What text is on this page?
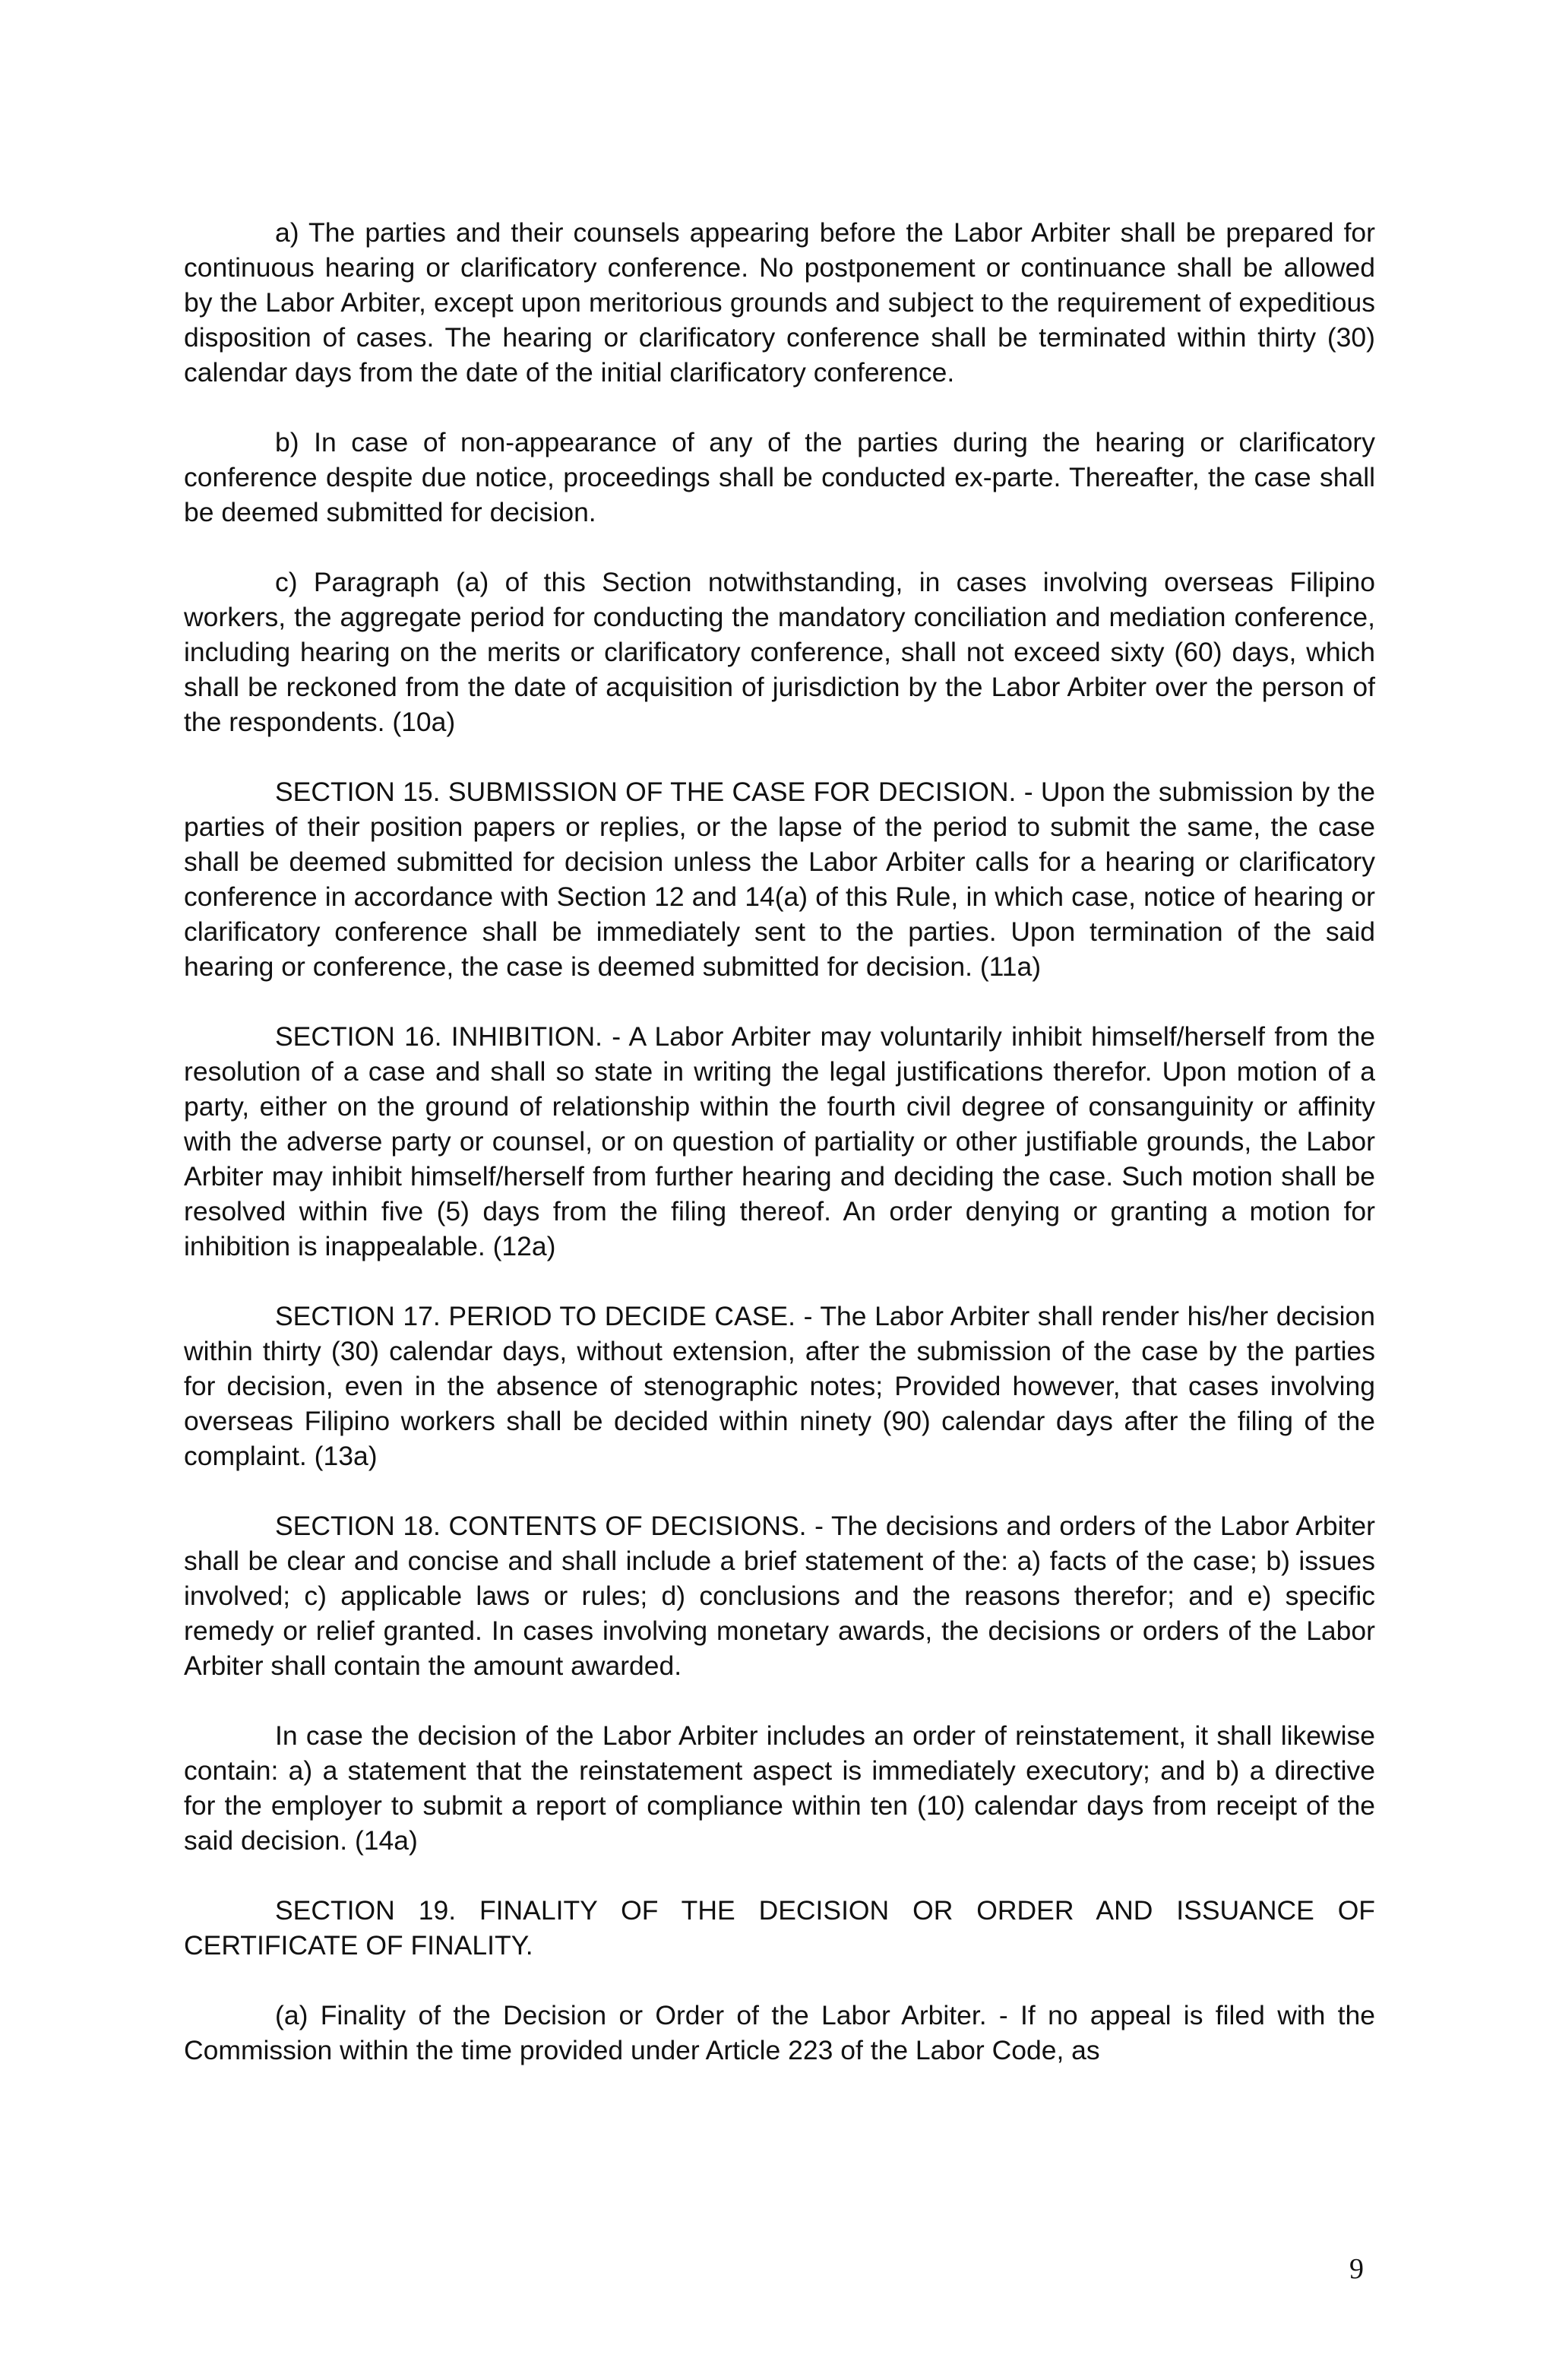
a) The parties and their counsels appearing before the Labor Arbiter shall be prepared for continuous hearing or clarificatory conference. No postponement or continuance shall be allowed by the Labor Arbiter, except upon meritorious grounds and subject to the requirement of expeditious disposition of cases. The hearing or clarificatory conference shall be terminated within thirty (30) calendar days from the date of the initial clarificatory conference.

b) In case of non-appearance of any of the parties during the hearing or clarificatory conference despite due notice, proceedings shall be conducted ex-parte. Thereafter, the case shall be deemed submitted for decision.

c) Paragraph (a) of this Section notwithstanding, in cases involving overseas Filipino workers, the aggregate period for conducting the mandatory conciliation and mediation conference, including hearing on the merits or clarificatory conference, shall not exceed sixty (60) days, which shall be reckoned from the date of acquisition of jurisdiction by the Labor Arbiter over the person of the respondents. (10a)

SECTION 15. SUBMISSION OF THE CASE FOR DECISION. - Upon the submission by the parties of their position papers or replies, or the lapse of the period to submit the same, the case shall be deemed submitted for decision unless the Labor Arbiter calls for a hearing or clarificatory conference in accordance with Section 12 and 14(a) of this Rule, in which case, notice of hearing or clarificatory conference shall be immediately sent to the parties. Upon termination of the said hearing or conference, the case is deemed submitted for decision. (11a)

SECTION 16. INHIBITION. - A Labor Arbiter may voluntarily inhibit himself/herself from the resolution of a case and shall so state in writing the legal justifications therefor. Upon motion of a party, either on the ground of relationship within the fourth civil degree of consanguinity or affinity with the adverse party or counsel, or on question of partiality or other justifiable grounds, the Labor Arbiter may inhibit himself/herself from further hearing and deciding the case. Such motion shall be resolved within five (5) days from the filing thereof. An order denying or granting a motion for inhibition is inappealable. (12a)

SECTION 17. PERIOD TO DECIDE CASE. - The Labor Arbiter shall render his/her decision within thirty (30) calendar days, without extension, after the submission of the case by the parties for decision, even in the absence of stenographic notes; Provided however, that cases involving overseas Filipino workers shall be decided within ninety (90) calendar days after the filing of the complaint. (13a)

SECTION 18. CONTENTS OF DECISIONS. - The decisions and orders of the Labor Arbiter shall be clear and concise and shall include a brief statement of the: a) facts of the case; b) issues involved; c) applicable laws or rules; d) conclusions and the reasons therefor; and e) specific remedy or relief granted. In cases involving monetary awards, the decisions or orders of the Labor Arbiter shall contain the amount awarded.

In case the decision of the Labor Arbiter includes an order of reinstatement, it shall likewise contain: a) a statement that the reinstatement aspect is immediately executory; and b) a directive for the employer to submit a report of compliance within ten (10) calendar days from receipt of the said decision. (14a)

SECTION 19. FINALITY OF THE DECISION OR ORDER AND ISSUANCE OF CERTIFICATE OF FINALITY.

(a) Finality of the Decision or Order of the Labor Arbiter. - If no appeal is filed with the Commission within the time provided under Article 223 of the Labor Code, as

9
